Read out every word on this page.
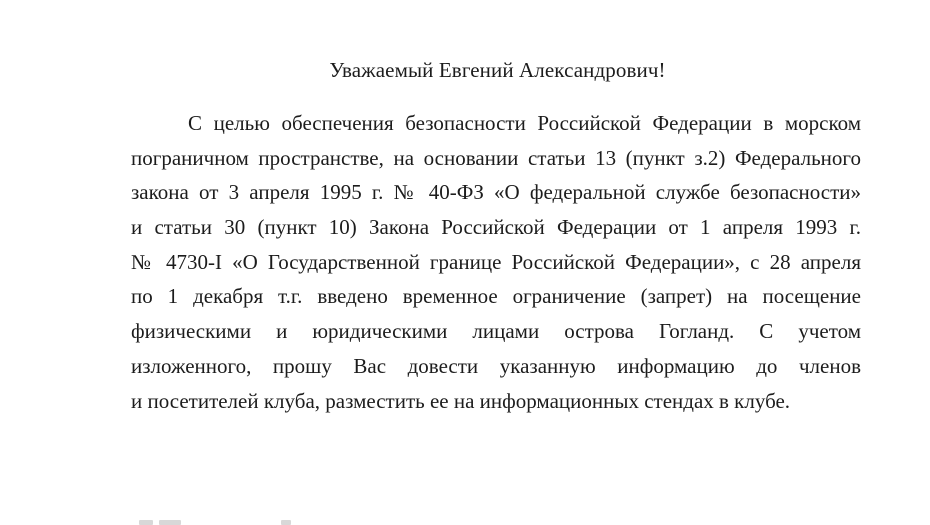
Уважаемый Евгений Александрович!
С целью обеспечения безопасности Российской Федерации в морском
пограничном пространстве, на основании статьи 13 (пункт з.2) Федерального
закона от 3 апреля 1995 г. № 40-ФЗ «О федеральной службе безопасности»
и статьи 30 (пункт 10) Закона Российской Федерации от 1 апреля 1993 г.
№ 4730-I «О Государственной границе Российской Федерации», с 28 апреля
по 1 декабря т.г. введено временное ограничение (запрет) на посещение
физическими и юридическими лицами острова Гогланд. С учетом
изложенного, прошу Вас довести указанную информацию до членов
и посетителей клуба, разместить ее на информационных стендах в клубе.
